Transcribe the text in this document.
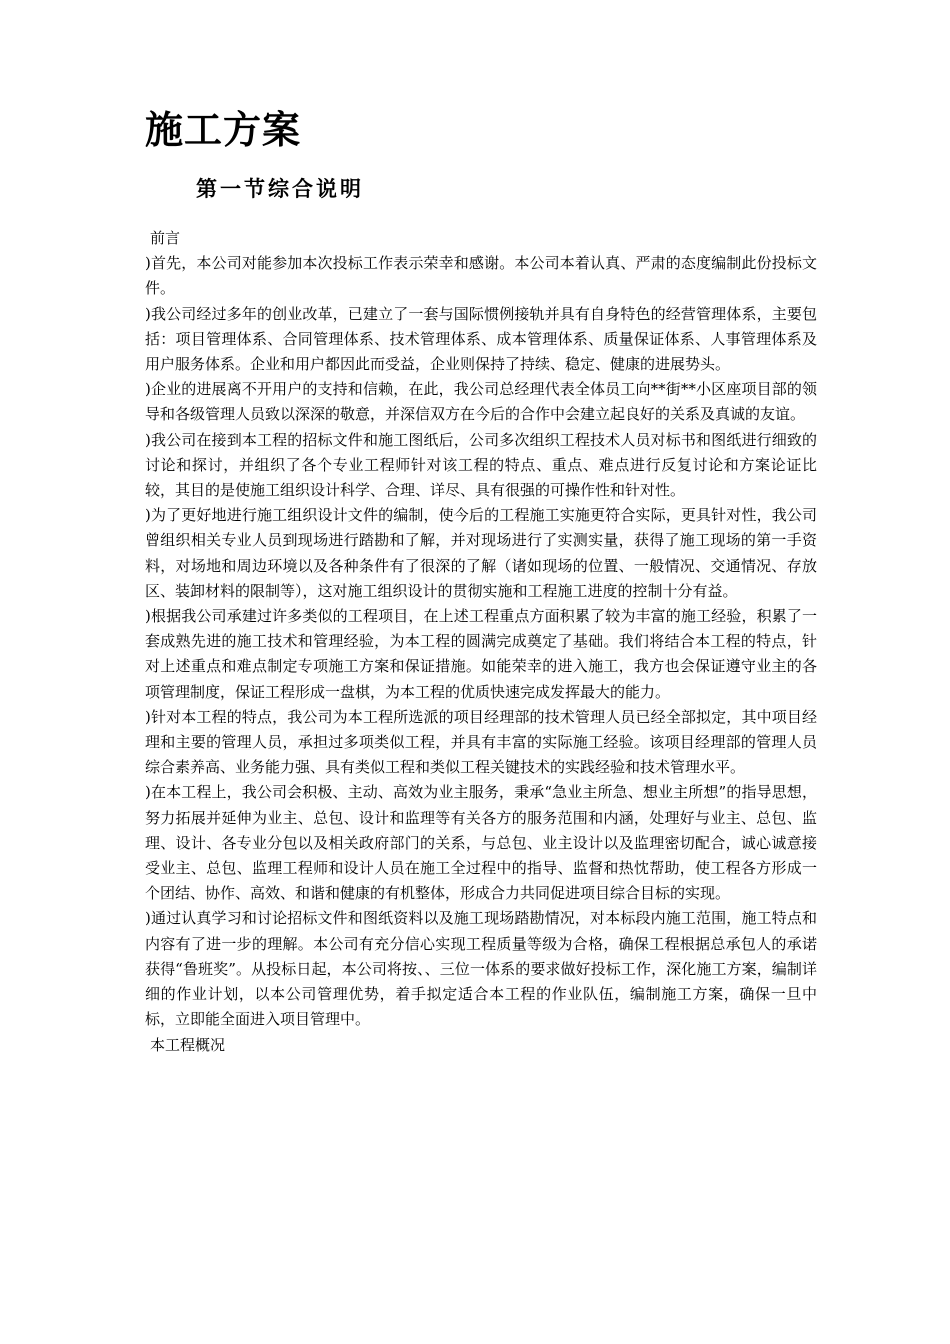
施工方案
第一节综合说明
前言
)首先，本公司对能参加本次投标工作表示荣幸和感谢。本公司本着认真、严肃的态度编制此份投标文件。
)我公司经过多年的创业改革，已建立了一套与国际惯例接轨并具有自身特色的经营管理体系，主要包括：项目管理体系、合同管理体系、技术管理体系、成本管理体系、质量保证体系、人事管理体系及用户服务体系。企业和用户都因此而受益，企业则保持了持续、稳定、健康的进展势头。
)企业的进展离不开用户的支持和信赖，在此，我公司总经理代表全体员工向**街**小区座项目部的领导和各级管理人员致以深深的敬意，并深信双方在今后的合作中会建立起良好的关系及真诚的友谊。
)我公司在接到本工程的招标文件和施工图纸后，公司多次组织工程技术人员对标书和图纸进行细致的讨论和探讨，并组织了各个专业工程师针对该工程的特点、重点、难点进行反复讨论和方案论证比较，其目的是使施工组织设计科学、合理、详尽、具有很强的可操作性和针对性。
)为了更好地进行施工组织设计文件的编制，使今后的工程施工实施更符合实际，更具针对性，我公司曾组织相关专业人员到现场进行踏勘和了解，并对现场进行了实测实量，获得了施工现场的第一手资料，对场地和周边环境以及各种条件有了很深的了解（诸如现场的位置、一般情况、交通情况、存放区、装卸材料的限制等），这对施工组织设计的贯彻实施和工程施工进度的控制十分有益。
)根据我公司承建过许多类似的工程项目，在上述工程重点方面积累了较为丰富的施工经验，积累了一套成熟先进的施工技术和管理经验，为本工程的圆满完成奠定了基础。我们将结合本工程的特点，针对上述重点和难点制定专项施工方案和保证措施。如能荣幸的进入施工，我方也会保证遵守业主的各项管理制度，保证工程形成一盘棋，为本工程的优质快速完成发挥最大的能力。
)针对本工程的特点，我公司为本工程所选派的项目经理部的技术管理人员已经全部拟定，其中项目经理和主要的管理人员，承担过多项类似工程，并具有丰富的实际施工经验。该项目经理部的管理人员综合素养高、业务能力强、具有类似工程和类似工程关键技术的实践经验和技术管理水平。
)在本工程上，我公司会积极、主动、高效为业主服务，秉承“急业主所急、想业主所想”的指导思想，努力拓展并延伸为业主、总包、设计和监理等有关各方的服务范围和内涵，处理好与业主、总包、监理、设计、各专业分包以及相关政府部门的关系，与总包、业主设计以及监理密切配合，诚心诚意接受业主、总包、监理工程师和设计人员在施工全过程中的指导、监督和热忱帮助，使工程各方形成一个团结、协作、高效、和谐和健康的有机整体，形成合力共同促进项目综合目标的实现。
)通过认真学习和讨论招标文件和图纸资料以及施工现场踏勘情况，对本标段内施工范围，施工特点和内容有了进一步的理解。本公司有充分信心实现工程质量等级为合格，确保工程根据总承包人的承诺获得“鲁班奖”。从投标日起，本公司将按、、三位一体系的要求做好投标工作，深化施工方案，编制详细的作业计划，以本公司管理优势，着手拟定适合本工程的作业队伍，编制施工方案，确保一旦中标，立即能全面进入项目管理中。
本工程概况
